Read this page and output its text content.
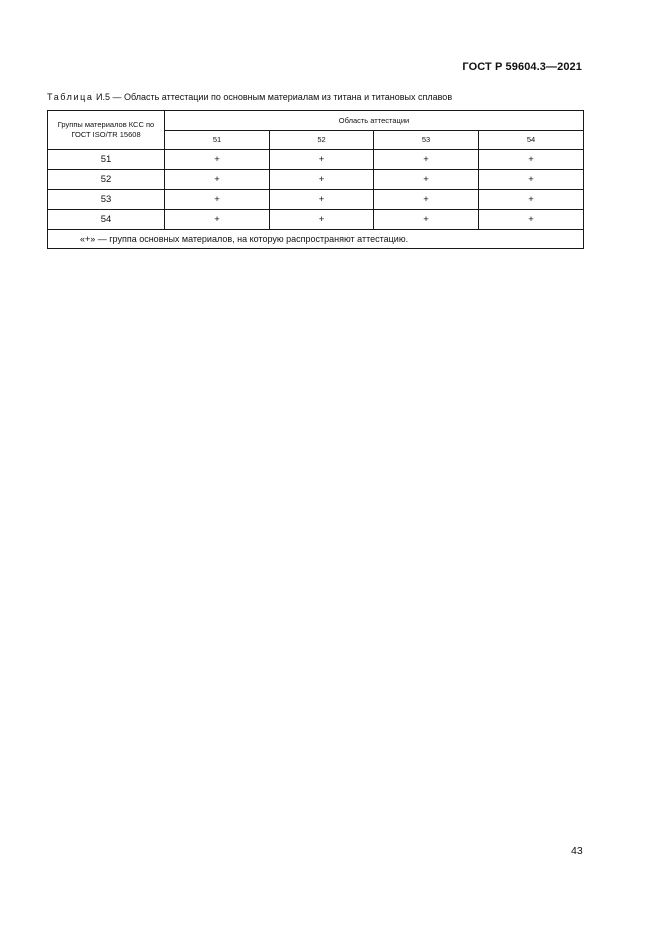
ГОСТ Р 59604.3—2021
Таблица И.5 — Область аттестации по основным материалам из титана и титановых сплавов
Группы материалов КСС по ГОСТ ISO/TR 15608	Область аттестации			
	51	52	53	54
51	+	+	+	+
52	+	+	+	+
53	+	+	+	+
54	+	+	+	+
«+» — группа основных материалов, на которую распространяют аттестацию.				
43
